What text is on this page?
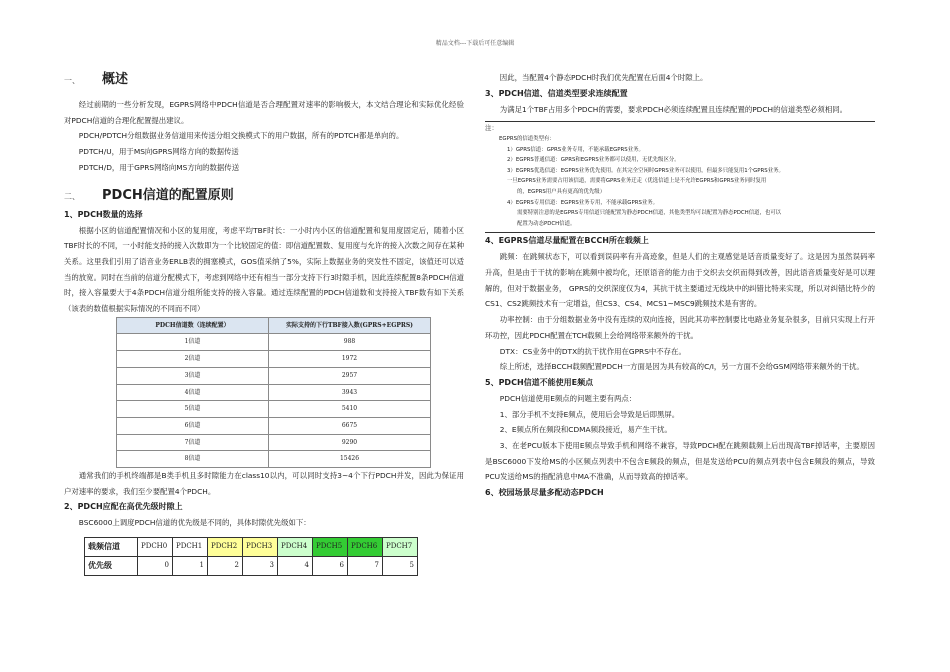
精品文档---下载后可任意编辑
一、 概述

经过前期的一些分析发现，EGPRS网络中PDCH信道是否合理配置对速率的影响极大，本文结合理论和实际优化经验对PDCH信道的合理化配置提出建议。

PDCH/PDTCH分组数据业务信道用来传送分组交换模式下的用户数据，所有的PDTCH都是单向的。

PDTCH/U，用于MS向GPRS网络方向的数据传送

PDTCH/D，用于GPRS网络向MS方向的数据传送

二、 PDCH信道的配置原则
1、PDCH数量的选择

根据小区的信道配置情况和小区的复用度，考虑平均TBF时长：一小时内小区的信道配置和复用度固定后，随着小区TBF时长的不同，一小时能支持的接入次数即为一个比较固定的值：即信道配置数、复用度与允许的接入次数之间存在某种关系。这里我们引用了语音业务ERLB表的拥塞模式，GOS值采纳了5%，实际上数据业务的突发性不固定，该值还可以适当的放宽。同时在当前的信道分配模式下，考虑到网络中还有相当一部分支持下行3时隙手机，因此连续配置8条PDCH信道时，接入容量要大于4条PDCH信道分组所能支持的接入容量。通过连续配置的PDCH信道数和支持接入TBF数有如下关系（该表的数值根据实际情况的不同而不同）

PDCH信道数（连续配置）	实际支持的下行TBF接入数(GPRS+EGPRS)
1信道	988
2信道	1972
3信道	2957
4信道	3943
5信道	5410
6信道	6675
7信道	9290
8信道	15426

通常我们的手机终端都是B类手机且多时隙能力在class10以内，可以同时支持3~4个下行PDCH并发，因此为保证用户对速率的要求，我们至少要配置4个PDCH。

2、PDCH应配在高优先级时隙上

BSC6000上调度PDCH信道的优先级是不同的，具体时隙优先级如下：

载频信道	PDCH0	PDCH1	PDCH2	PDCH3	PDCH4	PDCH5	PDCH6	PDCH7
优先级	0	1	2	3	4	6	7	5

因此，当配置4个静态PDCH时我们优先配置在后面4个时隙上。

3、PDCH信道、信道类型要求连续配置

为满足1个TBF占用多个PDCH的需要，要求PDCH必须连续配置且连续配置的PDCH的信道类型必须相同。

注：
EGPRS的信道类型有：
1）GPRS信道：GPRS业务专用，不能承载EGPRS业务。
2）EGPRS普通信道：GPRS和EGPRS业务都可以使用，无优先级区分。
3）EGPRS优选信道：EGPRS业务优先使用。在其完全空闲时GPRS业务可以使用，但最多只能复用1个GPRS业务。
一旦EGPRS业务需要占用该信道，需要将GPRS业务迁走（优选信道上是不允许EGPRS和GPRS业务同时复用
的，EGPRS用户具有更高的优先级）
4）EGPRS专用信道：EGPRS业务专用，不能承载GPRS业务。
需要特别注意的是EGPRS专用信道只能配置为静态PDCH信道，其他类型均可以配置为静态PDCH信道，也可以
配置为动态PDCH信道。
4、EGPRS信道尽量配置在BCCH所在载频上

跳频：在跳频状态下，可以看到误码率有升高迹象，但是人们的主观感觉是话音质量变好了。这是因为虽然误码率升高，但是由于干扰的影响在跳频中被均化，还原语音的能力由于交织去交织而得到改善，因此语音质量变好是可以理解的，但对于数据业务， GPRS的交织深度仅为4，其抗干扰主要通过无线块中的纠错比特来实现，所以对纠错比特少的CS1、CS2跳频技术有一定增益，但CS3、CS4、MCS1~MSC9跳频技术是有害的。

功率控制：由于分组数据业务中没有连续的双向连接，因此其功率控制要比电路业务复杂很多，目前只实现上行开环功控，因此PDCH配置在TCH载频上会给网络带来额外的干扰。

DTX：CS业务中的DTX的抗干扰作用在GPRS中不存在。

综上所述，选择BCCH载频配置PDCH一方面是因为具有较高的C/I，另一方面不会给GSM网络带来额外的干扰。

5、PDCH信道不能使用E频点

PDCH信道使用E频点的问题主要有两点：

1、部分手机不支持E频点，使用后会导致是后即黑屏。

2、E频点所在频段和CDMA频段接近，易产生干扰。

3、在老PCU版本下使用E频点导致手机和网络不兼容，导致PDCH配在跳频载频上后出现高TBF掉话率，主要原因是BSC6000下发给MS的小区频点列表中不包含E频段的频点，但是发送给PCU的频点列表中包含E频段的频点，导致PCU发送给MS的指配消息中MA不准确，从而导致高的掉话率。

6、校园场景尽量多配动态PDCH
